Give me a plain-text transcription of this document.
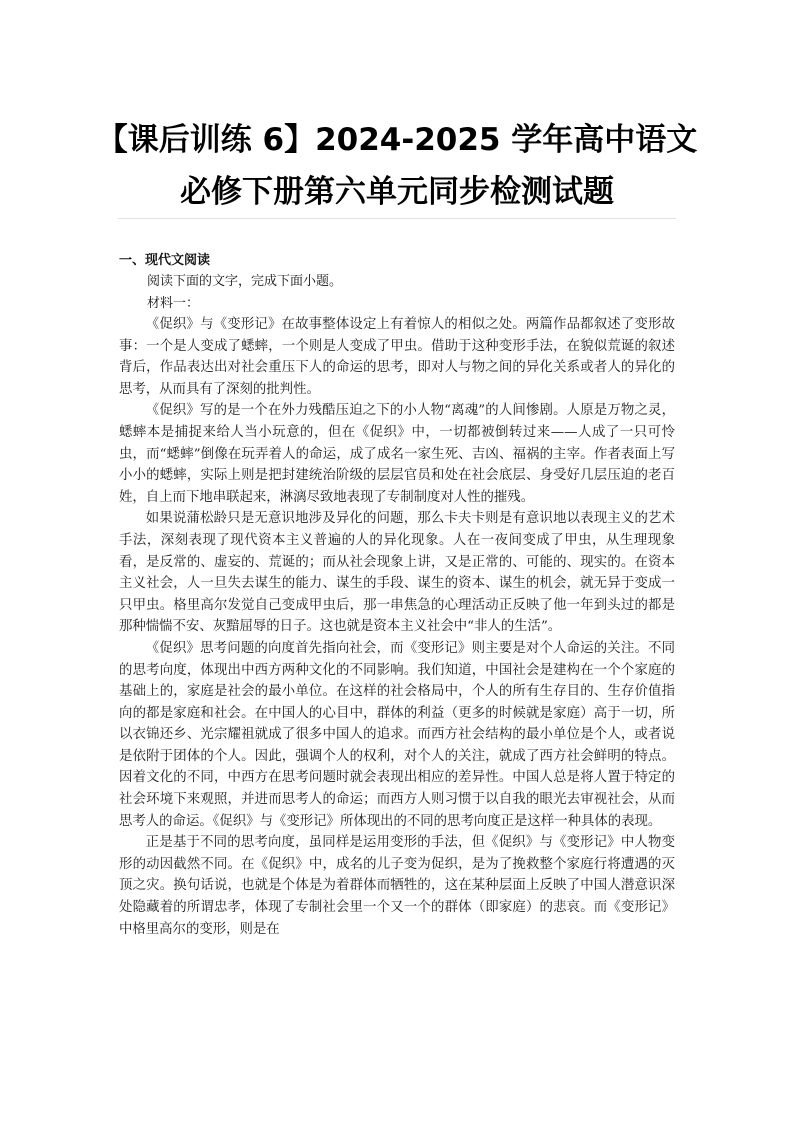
【课后训练 6】2024-2025 学年高中语文
必修下册第六单元同步检测试题
一、现代文阅读
阅读下面的文字，完成下面小题。
材料一：

《促织》与《变形记》在故事整体设定上有着惊人的相似之处。两篇作品都叙述了变形故事：一个是人变成了蟋蟀，一个则是人变成了甲虫。借助于这种变形手法，在貌似荒诞的叙述背后，作品表达出对社会重压下人的命运的思考，即对人与物之间的异化关系或者人的异化的思考，从而具有了深刻的批判性。

《促织》写的是一个在外力残酷压迫之下的小人物“离魂”的人间惨剧。人原是万物之灵，蟋蟀本是捕捉来给人当小玩意的，但在《促织》中，一切都被倒转过来——人成了一只可怜虫，而“蟋蟀”倒像在玩弄着人的命运，成了成名一家生死、吉凶、福祸的主宰。作者表面上写小小的蟋蟀，实际上则是把封建统治阶级的层层官员和处在社会底层、身受好几层压迫的老百姓，自上而下地串联起来，淋漓尽致地表现了专制制度对人性的摧残。

如果说蒲松龄只是无意识地涉及异化的问题，那么卡夫卡则是有意识地以表现主义的艺术手法，深刻表现了现代资本主义普遍的人的异化现象。人在一夜间变成了甲虫，从生理现象看，是反常的、虚妄的、荒诞的；而从社会现象上讲，又是正常的、可能的、现实的。在资本主义社会，人一旦失去谋生的能力、谋生的手段、谋生的资本、谋生的机会，就无异于变成一只甲虫。格里高尔发觉自己变成甲虫后，那一串焦急的心理活动正反映了他一年到头过的都是那种惴惴不安、灰黯屈辱的日子。这也就是资本主义社会中“非人的生活”。

《促织》思考问题的向度首先指向社会，而《变形记》则主要是对个人命运的关注。不同的思考向度，体现出中西方两种文化的不同影响。我们知道，中国社会是建构在一个个家庭的基础上的，家庭是社会的最小单位。在这样的社会格局中，个人的所有生存目的、生存价值指向的都是家庭和社会。在中国人的心目中，群体的利益（更多的时候就是家庭）高于一切，所以衣锦还乡、光宗耀祖就成了很多中国人的追求。而西方社会结构的最小单位是个人，或者说是依附于团体的个人。因此，强调个人的权利，对个人的关注，就成了西方社会鲜明的特点。因着文化的不同，中西方在思考问题时就会表现出相应的差异性。中国人总是将人置于特定的社会环境下来观照，并进而思考人的命运；而西方人则习惯于以自我的眼光去审视社会，从而思考人的命运。《促织》与《变形记》所体现出的不同的思考向度正是这样一种具体的表现。

正是基于不同的思考向度，虽同样是运用变形的手法，但《促织》与《变形记》中人物变形的动因截然不同。在《促织》中，成名的儿子变为促织，是为了挽救整个家庭行将遭遇的灭顶之灾。换句话说，也就是个体是为着群体而牺牲的，这在某种层面上反映了中国人潜意识深处隐藏着的所谓忠孝，体现了专制社会里一个又一个的群体（即家庭）的悲哀。而《变形记》中格里高尔的变形，则是在
